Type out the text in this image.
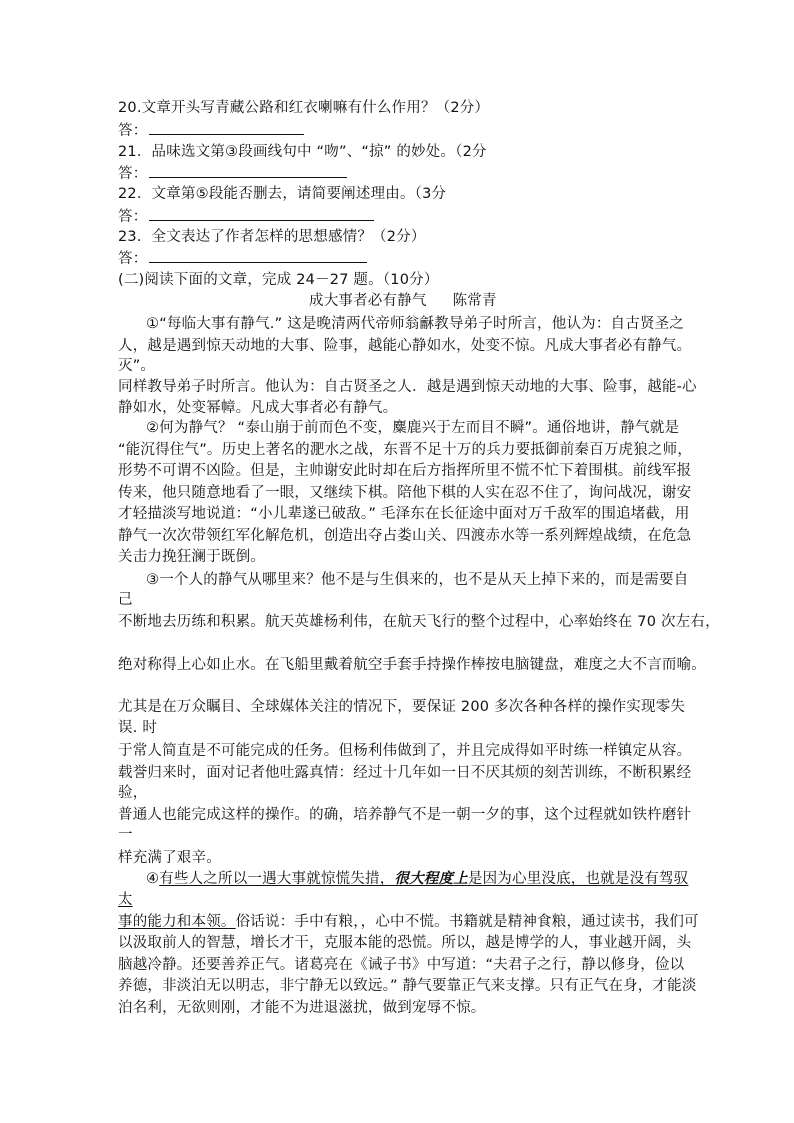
20.文章开头写青藏公路和红衣喇嘛有什么作用？（2分）
答：
21．品味选文第③段画线句中 “吻”、“掠” 的妙处。（2分
答：
22．文章第⑤段能否删去，请简要阐述理由。（3分
答：
23．全文表达了作者怎样的思想感情？（2分）
答：
(二)阅读下面的文章，完成 24－27 题。（10分）
成大事者必有静气 陈常青
①“每临大事有静气.” 这是晚清两代帝师翁龢教导弟子时所言，他认为：自古贤圣之
人，越是遇到惊天动地的大事、险事，越能心静如水，处变不惊。凡成大事者必有静气。
灭”。
同样教导弟子时所言。他认为：自古贤圣之人．越是遇到惊天动地的大事、险事，越能-心
静如水，处变幂幛。凡成大事者必有静气。
②何为静气？ “泰山崩于前而色不变，麋鹿兴于左而目不瞬”。通俗地讲，静气就是
“能沉得住气”。历史上著名的淝水之战，东晋不足十万的兵力要抵御前秦百万虎狼之师，
形势不可谓不凶险。但是，主帅谢安此时却在后方指挥所里不慌不忙下着围棋。前线军报
传来，他只随意地看了一眼，又继续下棋。陪他下棋的人实在忍不住了，询问战况，谢安
才轻描淡写地说道：“小儿辈遂已破敌。” 毛泽东在长征途中面对万千敌军的围追堵截，用
静气一次次带领红军化解危机，创造出夺占娄山关、四渡赤水等一系列辉煌战绩，在危急
关击力挽狂澜于既倒。
③一个人的静气从哪里来？他不是与生俱来的，也不是从天上掉下来的，而是需要自
己
不断地去历练和积累。航天英雄杨利伟，在航天飞行的整个过程中，心率始终在 70 次左右，
绝对称得上心如止水。在飞船里戴着航空手套手持操作棒按电脑键盘，难度之大不言而喻。
尤其是在万众瞩目、全球媒体关注的情况下，要保证 200 多次各种各样的操作实现零失
误. 时
于常人简直是不可能完成的任务。但杨利伟做到了，并且完成得如平时练一样镇定从容。
载誉归来时，面对记者他吐露真情：经过十几年如一日不厌其烦的刻苦训练，不断积累经
验，
普通人也能完成这样的操作。的确，培养静气不是一朝一夕的事，这个过程就如铁杵磨针
一
样充满了艰辛。
④有些人之所以一遇大事就惊慌失措，很大程度上是因为心里没底，也就是没有驾驭
太
事的能力和本领。俗话说：手中有粮，，心中不慌。书籍就是精神食粮，通过读书，我们可
以汲取前人的智慧，增长才干，克服本能的恐慌。所以，越是博学的人，事业越开阔，头
脑越冷静。还要善养正气。诸葛亮在《诫子书》中写道：“夫君子之行，静以修身，俭以
养德，非淡泊无以明志，非宁静无以致远。” 静气要靠正气来支撑。只有正气在身，才能淡
泊名利，无欲则刚，才能不为进退滋扰，做到宠辱不惊。
